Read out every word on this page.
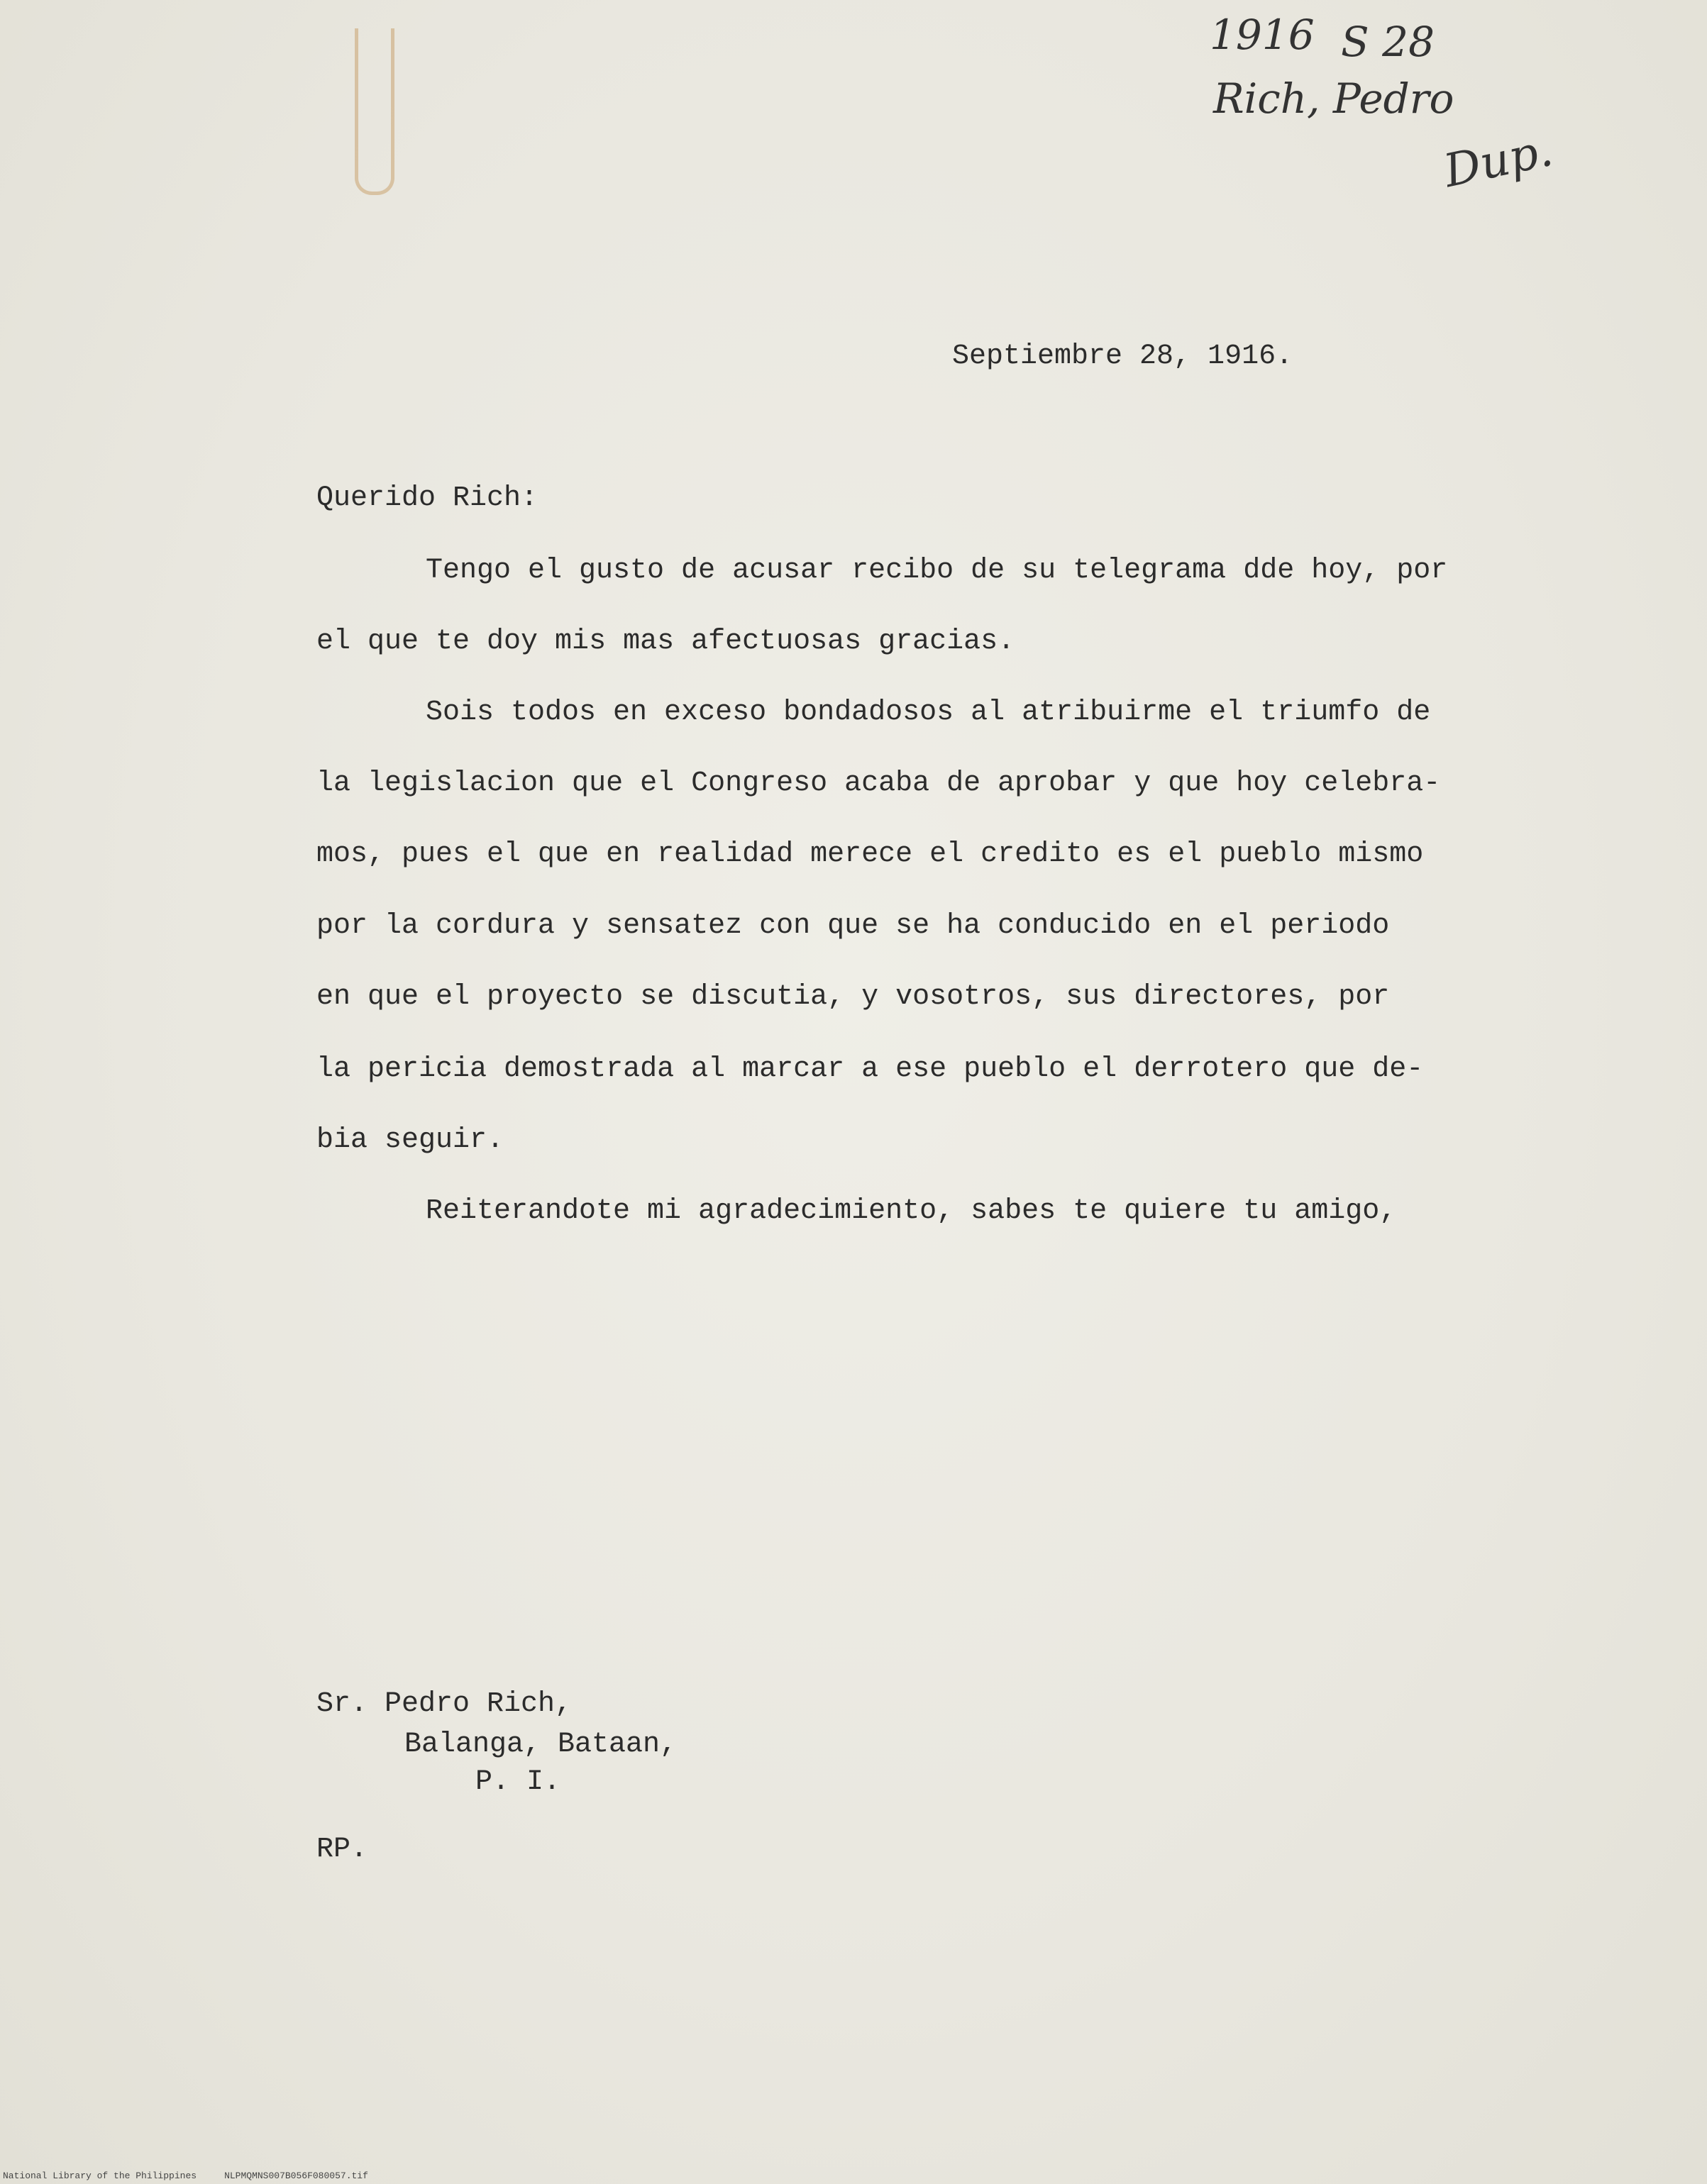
1916 S 28
Rich, Pedro
Dup.
Septiembre 28, 1916.
Querido Rich:
Tengo el gusto de acusar recibo de su telegrama dde hoy, por
el que te doy mis mas afectuosas gracias.
Sois todos en exceso bondadosos al atribuirme el triumfo de
la legislacion que el Congreso acaba de aprobar y que hoy celebra-
mos, pues el que en realidad merece el credito es el pueblo mismo
por la cordura y sensatez con que se ha conducido en el periodo
en que el proyecto se discutia, y vosotros, sus directores, por
la pericia demostrada al marcar a ese pueblo el derrotero que de-
bia seguir.
Reiterandote mi agradecimiento, sabes te quiere tu amigo,
Sr. Pedro Rich,
Balanga, Bataan,
P. I.
RP.
National Library of the Philippines	NLPMQMNS007B056F080057.tif
